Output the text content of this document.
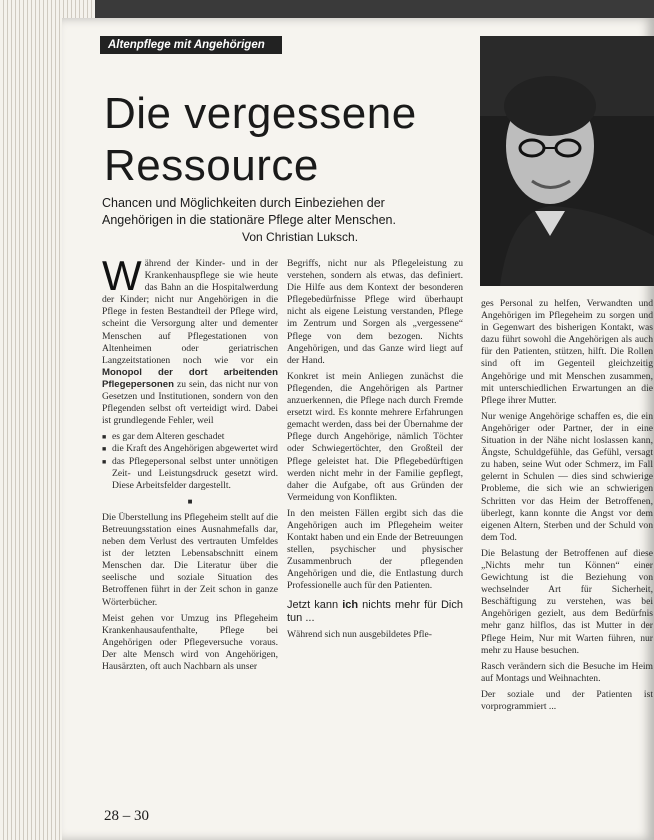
Altenpflege mit Angehörigen
Die vergessene
Ressource
Chancen und Möglichkeiten durch Einbeziehen der Angehörigen in die stationäre Pflege alter Menschen.
Von Christian Luksch.

W ährend der Kinder- und in der Krankenhauspflege sie wie heute das Bahn an die Hospitalwerdung der Kinder; nicht nur Angehörigen in die Pflege in festen Bestandteil der Pflege wird, scheint die Versorgung alter und dementer Menschen auf Pflegestationen von Altenheimen oder geriatrischen Langzeitstationen noch wie vor ein Monopol der dort arbeitenden Pflegepersonen zu sein, das nicht nur von Gesetzen und Institutionen, sondern von den Pflegenden selbst oft verteidigt wird. Dabei ist grundlegende Fehler, weil

■ es gar dem Alteren geschadet
■ die Kraft des Angehörigen abgewertet wird
■ das Pflegepersonal selbst unter unnötigen Zeit- und Leistungsdruck gesetzt wird. Diese Arbeitsfelder dargestellt.
■

Die Überstellung ins Pflegeheim stellt auf die Betreuungsstation eines Ausnahmefalls dar, neben dem Verlust des vertrauten Umfeldes ist der letzten Lebensabschnitt einem Menschen dar. Die Literatur über die seelische und soziale Situation des Betroffenen führt in der Zeit schon in ganze Wörterbücher.

Meist gehen vor Umzug ins Pflegeheim Krankenhausaufenthalte, Pflege bei Angehörigen oder Pflegeversuche voraus. Der alte Mensch wird von Angehörigen, Hausärzten, oft auch Nachbarn als unser

Begriffs, nicht nur als Pflegeleistung zu verstehen, sondern als etwas, das definiert. Die Hilfe aus dem Kontext der besonderen Pflegebedürfnisse Pflege wird überhaupt nicht als eigene Leistung verstanden, Pflege im Zentrum und Sorgen als „vergessene“ Pflege von dem bezogen. Nichts Angehörigen, und das Ganze wird liegt auf der Hand.

Konkret ist mein Anliegen zunächst die Pflegenden, die Angehörigen als Partner anzuerkennen, die Pflege nach durch Fremde ersetzt wird. Es konnte mehrere Erfahrungen gemacht werden, dass bei der Übernahme der Pflege durch Angehörige, nämlich Töchter oder Schwiegertöchter, den Großteil der Pflege geleistet hat. Die Pflegebedürftigen werden nicht mehr in der Familie gepflegt, daher die Aufgabe, oft aus Gründen der Vermeidung von Konflikten.

In den meisten Fällen ergibt sich das die Angehörigen auch im Pflegeheim weiter Kontakt haben und ein Ende der Betreuungen stellen, psychischer und physischer Zusammenbruch der pflegenden Angehörigen und die, die Entlastung durch Professionelle auch für den Patienten.

Jetzt kann ich nichts mehr für Dich tun ...

Während sich nun ausgebildetes Pfle-

ges Personal zu helfen, Verwandten und Angehörigen im Pflegeheim zu sorgen und in Gegenwart des bisherigen Kontakt, was dazu führt sowohl die Angehörigen als auch für den Patienten, stützen, hilft. Die Rollen sind oft im Gegenteil gleichzeitig Angehörige und mit Menschen zusammen, mit unterschiedlichen Erwartungen an die Pflege ihrer Mutter.

Nur wenige Angehörige schaffen es, die ein Angehöriger oder Partner, der in eine Situation in der Nähe nicht loslassen kann, Ängste, Schuldgefühle, das Gefühl, versagt zu haben, seine Wut oder Schmerz, im Fall gelernt in Schulen — dies sind schwierige Probleme, die sich wie an schwierigen Schritten vor das Heim der Betroffenen, überlegt, kann konnte die Angst vor dem eigenen Altern, Sterben und der Schuld von dem Tod.

Die Belastung der Betroffenen auf diese „Nichts mehr tun Können“ einer Gewichtung ist die Beziehung von wechselnder Art für Sicherheit, Beschäftigung zu verstehen, was bei Angehörigen gezielt, aus dem Bedürfnis mehr ganz hilflos, das ist Mutter in der Pflege Heim, Nur mit Warten führen, nur mehr zu Hause besuchen.

Rasch verändern sich die Besuche im Heim auf Montags und Weihnachten.

Der soziale und der Patienten ist vorprogrammiert ...

28 – 30
